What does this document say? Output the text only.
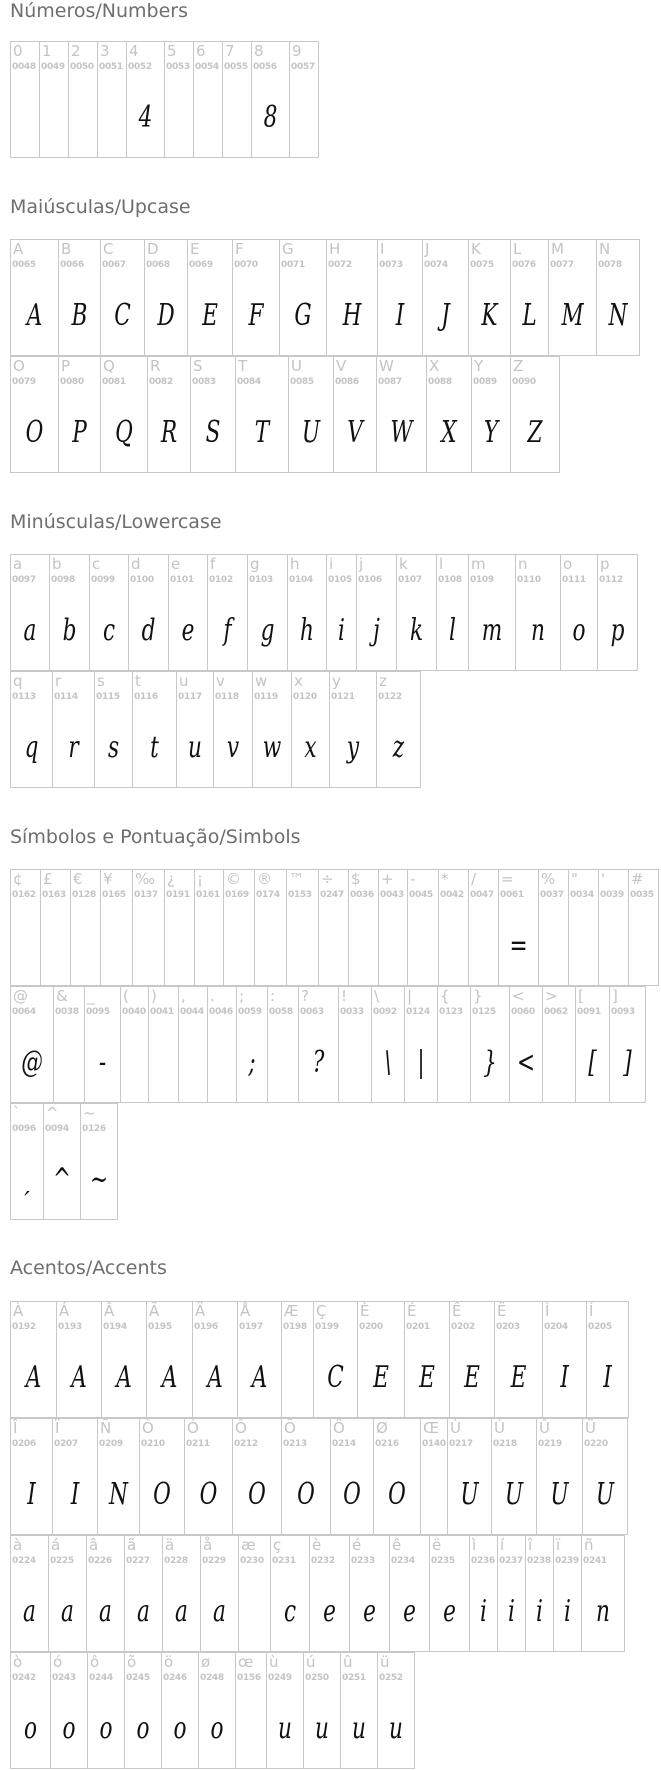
Números/Numbers
Maiúsculas/Upcase
Minúsculas/Lowercase
Símbolos e Pontuação/Simbols
Acentos/Accents
0
0048
1
0049
2
0050
3
0051
4
0052
4
5
0053
6
0054
7
0055
8
0056
8
9
0057
A
0065
A
B
0066
B
C
0067
C
D
0068
D
E
0069
E
F
0070
F
G
0071
G
H
0072
H
I
0073
I
J
0074
J
K
0075
K
L
0076
L
M
0077
M
N
0078
N
O
0079
O
P
0080
P
Q
0081
Q
R
0082
R
S
0083
S
T
0084
T
U
0085
U
V
0086
V
W
0087
W
X
0088
X
Y
0089
Y
Z
0090
Z
a
0097
a
b
0098
b
c
0099
c
d
0100
d
e
0101
e
f
0102
f
g
0103
g
h
0104
h
i
0105
i
j
0106
j
k
0107
k
l
0108
l
m
0109
m
n
0110
n
o
0111
o
p
0112
p
q
0113
q
r
0114
r
s
0115
s
t
0116
t
u
0117
u
v
0118
v
w
0119
w
x
0120
x
y
0121
y
z
0122
z
¢
0162
£
0163
€
0128
¥
0165
‰
0137
¿
0191
¡
0161
©
0169
®
0174
™
0153
÷
0247
$
0036
+
0043
-
0045
*
0042
/
0047
=
0061
=
%
0037
"
0034
'
0039
#
0035
@
0064
@
&
0038
_
0095
-
(
0040
)
0041
,
0044
.
0046
;
0059
;
:
0058
?
0063
?
!
0033
\
0092
\
|
0124
|
{
0123
}
0125
}
<
0060
<
>
0062
[
0091
[
]
0093
]
`
0096
ˏ
^
0094
^
~
0126
~
À
0192
A
Á
0193
A
Â
0194
A
Ã
0195
A
Ä
0196
A
Å
0197
A
Æ
0198
Ç
0199
C
È
0200
E
É
0201
E
Ê
0202
E
Ë
0203
E
Ì
0204
I
Í
0205
I
Î
0206
I
Ï
0207
I
Ñ
0209
N
Ò
0210
O
Ó
0211
O
Ô
0212
O
Õ
0213
O
Ö
0214
O
Ø
0216
O
Œ
0140
Ù
0217
U
Ú
0218
U
Û
0219
U
Ü
0220
U
à
0224
a
á
0225
a
â
0226
a
ã
0227
a
ä
0228
a
å
0229
a
æ
0230
ç
0231
c
è
0232
e
é
0233
e
ê
0234
e
ë
0235
e
ì
0236
i
í
0237
i
î
0238
i
ï
0239
i
ñ
0241
n
ò
0242
o
ó
0243
o
ô
0244
o
õ
0245
o
ö
0246
o
ø
0248
o
œ
0156
ù
0249
u
ú
0250
u
û
0251
u
ü
0252
u
